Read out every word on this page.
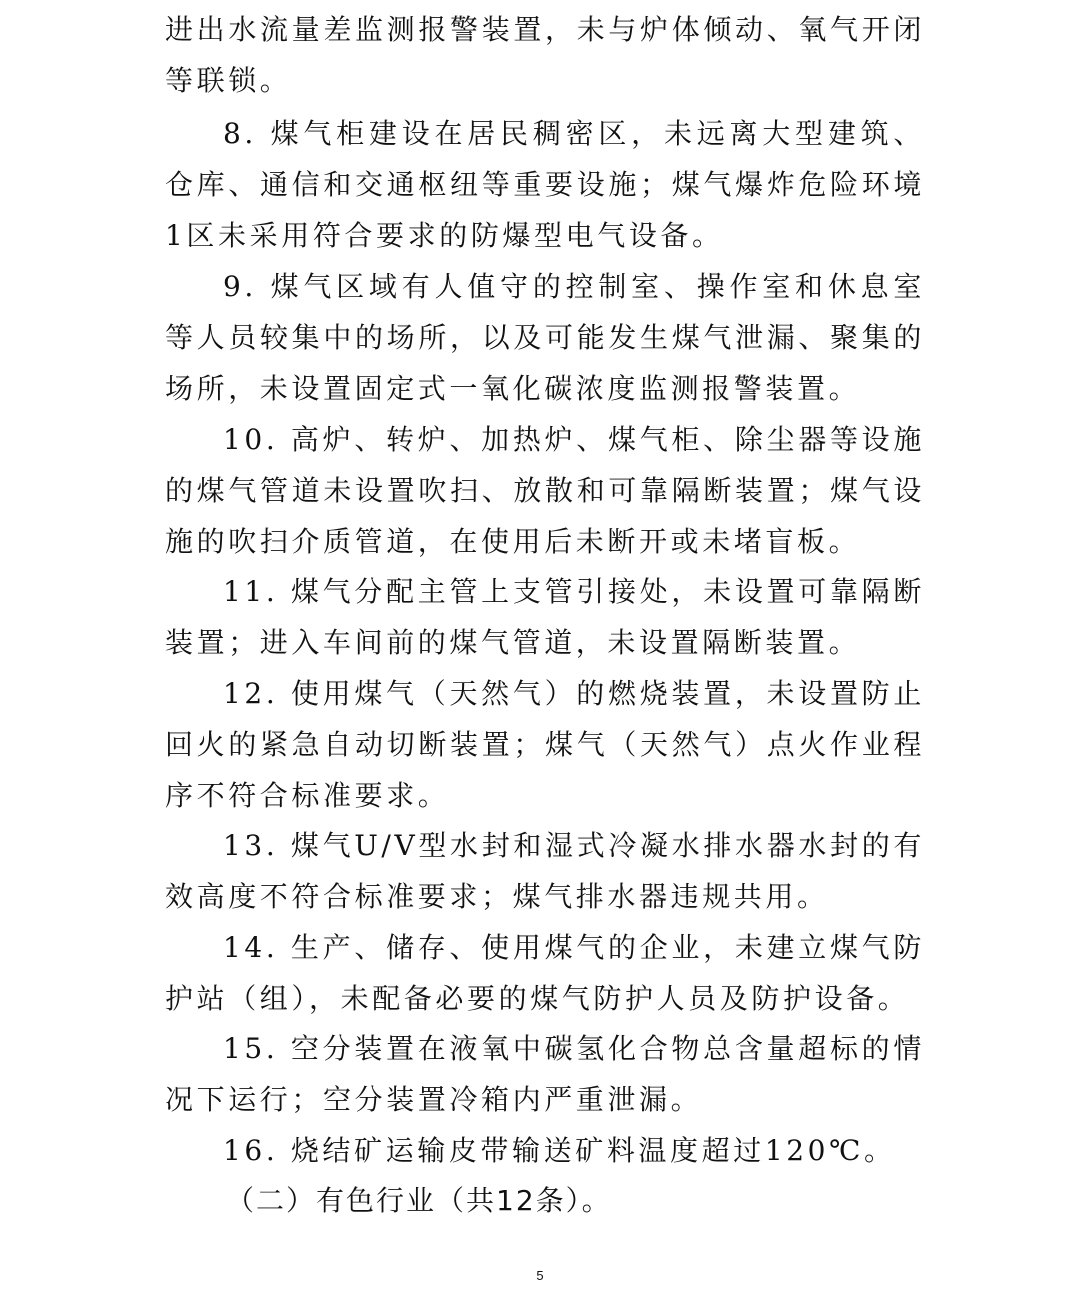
进出水流量差监测报警装置，未与炉体倾动、氧气开闭等联锁。

8. 煤气柜建设在居民稠密区，未远离大型建筑、仓库、通信和交通枢纽等重要设施；煤气爆炸危险环境1区未采用符合要求的防爆型电气设备。

9. 煤气区域有人值守的控制室、操作室和休息室等人员较集中的场所，以及可能发生煤气泄漏、聚集的场所，未设置固定式一氧化碳浓度监测报警装置。

10. 高炉、转炉、加热炉、煤气柜、除尘器等设施的煤气管道未设置吹扫、放散和可靠隔断装置；煤气设施的吹扫介质管道，在使用后未断开或未堵盲板。

11. 煤气分配主管上支管引接处，未设置可靠隔断装置；进入车间前的煤气管道，未设置隔断装置。

12. 使用煤气（天然气）的燃烧装置，未设置防止回火的紧急自动切断装置；煤气（天然气）点火作业程序不符合标准要求。

13. 煤气U/V型水封和湿式冷凝水排水器水封的有效高度不符合标准要求；煤气排水器违规共用。

14. 生产、储存、使用煤气的企业，未建立煤气防护站（组），未配备必要的煤气防护人员及防护设备。

15. 空分装置在液氧中碳氢化合物总含量超标的情况下运行；空分装置冷箱内严重泄漏。

16. 烧结矿运输皮带输送矿料温度超过120℃。

（二）有色行业（共12条）。
5
